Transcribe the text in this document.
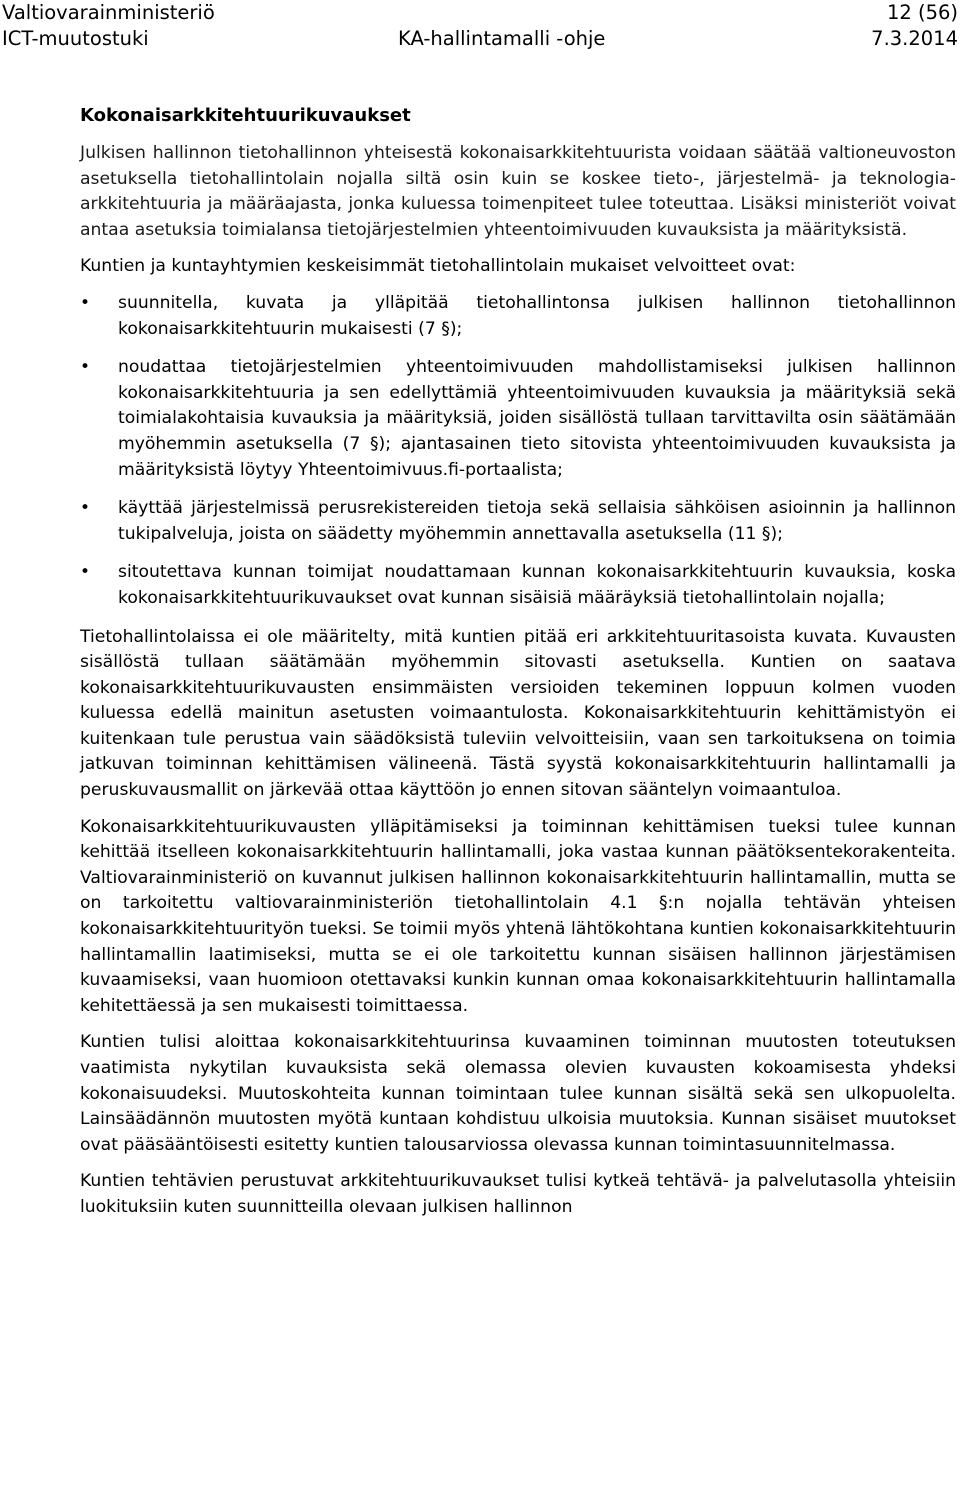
Valtiovarainministeriö	12 (56)
ICT-muutostuki	KA-hallintamalli -ohje	7.3.2014
Kokonaisarkkitehtuurikuvaukset

Julkisen hallinnon tietohallinnon yhteisestä kokonaisarkkitehtuurista voidaan säätää valtioneuvoston asetuksella tietohallintolain nojalla siltä osin kuin se koskee tieto-, järjestelmä- ja teknologia-arkkitehtuuria ja määräajasta, jonka kuluessa toimenpiteet tulee toteuttaa. Lisäksi ministeriöt voivat antaa asetuksia toimialansa tietojärjestelmien yhteentoimivuuden kuvauksista ja määrityksistä.

Kuntien ja kuntayhtymien keskeisimmät tietohallintolain mukaiset velvoitteet ovat:

• suunnitella, kuvata ja ylläpitää tietohallintonsa julkisen hallinnon tietohallinnon kokonaisarkkitehtuurin mukaisesti (7 §);
• noudattaa tietojärjestelmien yhteentoimivuuden mahdollistamiseksi julkisen hallinnon kokonaisarkkitehtuuria ja sen edellyttämiä yhteentoimivuuden kuvauksia ja määrityksiä sekä toimialakohtaisia kuvauksia ja määrityksiä, joiden sisällöstä tullaan tarvittavilta osin säätämään myöhemmin asetuksella (7 §); ajantasainen tieto sitovista yhteentoimivuuden kuvauksista ja määrityksistä löytyy Yhteentoimivuus.fi-portaalista;
• käyttää järjestelmissä perusrekistereiden tietoja sekä sellaisia sähköisen asioinnin ja hallinnon tukipalveluja, joista on säädetty myöhemmin annettavalla asetuksella (11 §);
• sitoutettava kunnan toimijat noudattamaan kunnan kokonaisarkkitehtuurin kuvauksia, koska kokonaisarkkitehtuurikuvaukset ovat kunnan sisäisiä määräyksiä tietohallintolain nojalla;

Tietohallintolaissa ei ole määritelty, mitä kuntien pitää eri arkkitehtuuritasoista kuvata. Kuvausten sisällöstä tullaan säätämään myöhemmin sitovasti asetuksella. Kuntien on saatava kokonaisarkkitehtuurikuvausten ensimmäisten versioiden tekeminen loppuun kolmen vuoden kuluessa edellä mainitun asetusten voimaantulosta. Kokonaisarkkitehtuurin kehittämistyön ei kuitenkaan tule perustua vain säädöksistä tuleviin velvoitteisiin, vaan sen tarkoituksena on toimia jatkuvan toiminnan kehittämisen välineenä. Tästä syystä kokonaisarkkitehtuurin hallintamalli ja peruskuvausmallit on järkevää ottaa käyttöön jo ennen sitovan sääntelyn voimaantuloa.

Kokonaisarkkitehtuurikuvausten ylläpitämiseksi ja toiminnan kehittämisen tueksi tulee kunnan kehittää itselleen kokonaisarkkitehtuurin hallintamalli, joka vastaa kunnan päätöksentekorakenteita. Valtiovarainministeriö on kuvannut julkisen hallinnon kokonaisarkkitehtuurin hallintamallin, mutta se on tarkoitettu valtiovarainministeriön tietohallintolain 4.1 §:n nojalla tehtävän yhteisen kokonaisarkkitehtuurityön tueksi. Se toimii myös yhtenä lähtökohtana kuntien kokonaisarkkitehtuurin hallintamallin laatimiseksi, mutta se ei ole tarkoitettu kunnan sisäisen hallinnon järjestämisen kuvaamiseksi, vaan huomioon otettavaksi kunkin kunnan omaa kokonaisarkkitehtuurin hallintamalla kehitettäessä ja sen mukaisesti toimittaessa.

Kuntien tulisi aloittaa kokonaisarkkitehtuurinsa kuvaaminen toiminnan muutosten toteutuksen vaatimista nykytilan kuvauksista sekä olemassa olevien kuvausten kokoamisesta yhdeksi kokonaisuudeksi. Muutoskohteita kunnan toimintaan tulee kunnan sisältä sekä sen ulkopuolelta. Lainsäädännön muutosten myötä kuntaan kohdistuu ulkoisia muutoksia. Kunnan sisäiset muutokset ovat pääsääntöisesti esitetty kuntien talousarviossa olevassa kunnan toimintasuunnitelmassa.

Kuntien tehtävien perustuvat arkkitehtuurikuvaukset tulisi kytkeä tehtävä- ja palvelutasolla yhteisiin luokituksiin kuten suunnitteilla olevaan julkisen hallinnon
